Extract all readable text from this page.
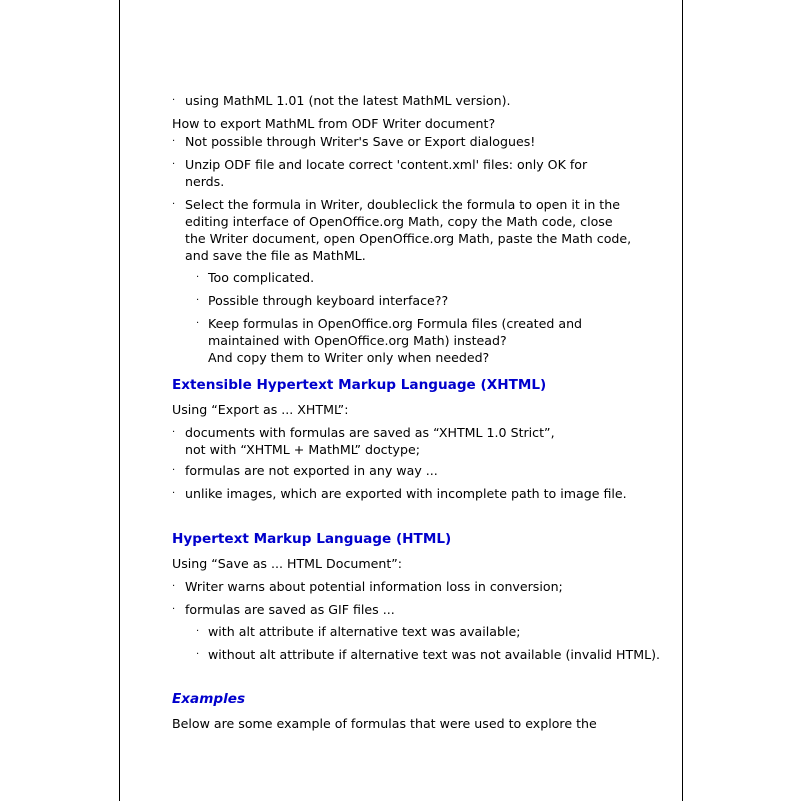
· using MathML 1.01 (not the latest MathML version).

How to export MathML from ODF Writer document?

· Not possible through Writer's Save or Export dialogues!
· Unzip ODF file and locate correct 'content.xml' files: only OK for nerds.
· Select the formula in Writer, doubleclick the formula to open it in the editing interface of OpenOffice.org Math, copy the Math code, close the Writer document, open OpenOffice.org Math, paste the Math code, and save the file as MathML.
· Too complicated.
· Possible through keyboard interface??
· Keep formulas in OpenOffice.org Formula files (created and maintained with OpenOffice.org Math) instead?
And copy them to Writer only when needed?
Extensible Hypertext Markup Language (XHTML)

Using “Export as ... XHTML”:

· documents with formulas are saved as “XHTML 1.0 Strict”,
not with “XHTML + MathML” doctype;
· formulas are not exported in any way ...
· unlike images, which are exported with incomplete path to image file.
Hypertext Markup Language (HTML)

Using “Save as ... HTML Document”:

· Writer warns about potential information loss in conversion;
· formulas are saved as GIF files ...
· with alt attribute if alternative text was available;
· without alt attribute if alternative text was not available (invalid HTML).
Examples

Below are some example of formulas that were used to explore the
